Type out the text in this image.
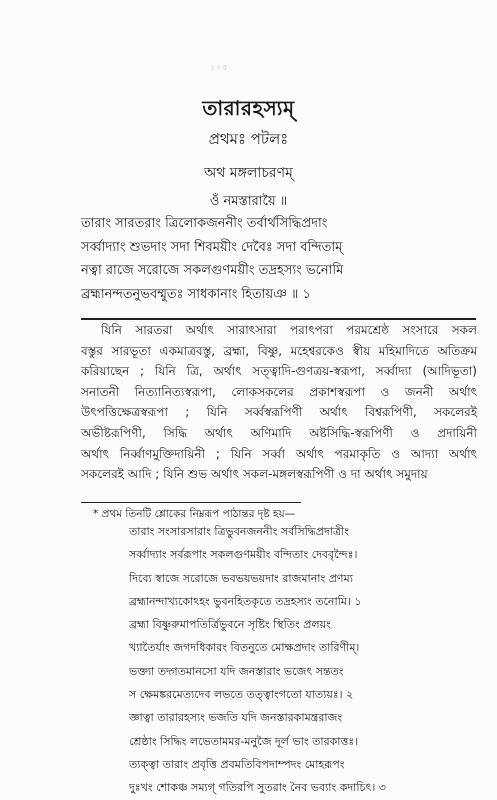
১২৫
তারারহস্যম্
প্রথমঃ পটলঃ
অথ মঙ্গলাচরণম্
ওঁ নমস্তারায়ৈ ॥
তারাং সারতরাং ত্রিলোকজননীং তর্বার্থসিদ্ধিপ্রদাং
সর্ব্বাদ্যাং শুভদাং সদা শিবময়ীং দেবৈঃ সদা বন্দিতাম্
নত্বা রাজে সরোজে সকলগুণময়ীং তদ্রহস্যং ভনোমি
ব্রহ্মানন্দতনুভবম্মুতঃ সাধকানাং হিতায়ঞ ॥ ১
যিনি সারতরা অর্থাৎ সারাৎসারা পরাৎপরা পরমশ্রেষ্ঠ সংসারে সকল
বস্তুর সারভূতা একমাত্রবস্তু, ব্রহ্মা, বিষ্ণু, মহেশ্বরকেও স্বীয় মহিমাদিতে অতিক্রম
করিয়াছেন ; যিনি ত্রি, অর্থাৎ সত্ত্বাদি-গুণত্রয়-স্বরূপা, সর্ব্বাদ্যা (আদিভূতা)
সনাতনী নিত্যানিত্যস্বরূপা, লোকসকলের প্রকাশস্বরূপা ও জননী অর্থাৎ
উৎপত্তিক্ষেত্রস্বরূপা ; যিনি সর্ব্বস্বরূপিণী অর্থাৎ বিশ্বরূপিণী, সকলেরই
অভীষ্টরূপিণী, সিদ্ধি অর্থাৎ অণিমাদি অষ্টসিদ্ধি-স্বরূপিণী ও প্রদায়িনী
অর্থাৎ নির্ব্বাণমুক্তিদায়িনী ; যিনি সর্ব্বা অর্থাৎ পরমাকৃতি ও আদ্যা অর্থাৎ
সকলেরই আদি ; যিনি শুভ অর্থাৎ সকল-মঙ্গলস্বরূপিণী ও দা অর্থাৎ সমুদায়
* প্রথম তিনটি শ্লোকের নিম্নরূপ পাঠান্তর দৃষ্ট হয়—
তারাং সংসারসারাং ত্রিভুবনজননীং সর্বসিদ্ধিপ্রদাত্রীং
সর্ব্বাদ্যাং সর্বরূপাং সকলগুণময়ীং বন্দিতাং দেববৃন্দৈঃ।
দিব্যে স্বাজে সরোজে ভবভয়ভয়দাং রাজমানাং প্রণম্য
ব্রহ্মানন্দাখ্যকোঽহং ভুবনহিতকৃতে তদ্রহস্যং তনোমি। ১
ব্রহ্মা বিষ্ণুরুমাপতির্ত্রিভুবনে সৃষ্টিং স্থিতিং প্রলয়ং
খ্যাতৈর্যাং জগদধিকারং বিতনুতে মোক্ষপ্রদাং তারিণীম্।
ভক্ত্যা তদ্গতমানসো যদি জনস্তারাং ভজেৎ সন্ততং
স ক্ষেমঙ্করমেত্যদেব লভতে তত্ত্বাংগতো যাত্যয়ঃ। ২
জ্ঞাত্বা তারারহস্যং ভজতি যদি জনস্তারকামন্ত্ররাজং
শ্রেষ্ঠাং সিদ্ধিং লভেতামমর-মনুজৈ দূর্ল ভাং তারকাত্তঃ।
ত্যক্ত্বা তারাং প্রবৃত্তি প্রবমতিবিপদাম্পদং মোহরূপং
দুঃখং শোকঞ্চ সম্যগ্ গতিরপি সুতরাং নৈব ভব্যাং কদাচিৎ। ৩
